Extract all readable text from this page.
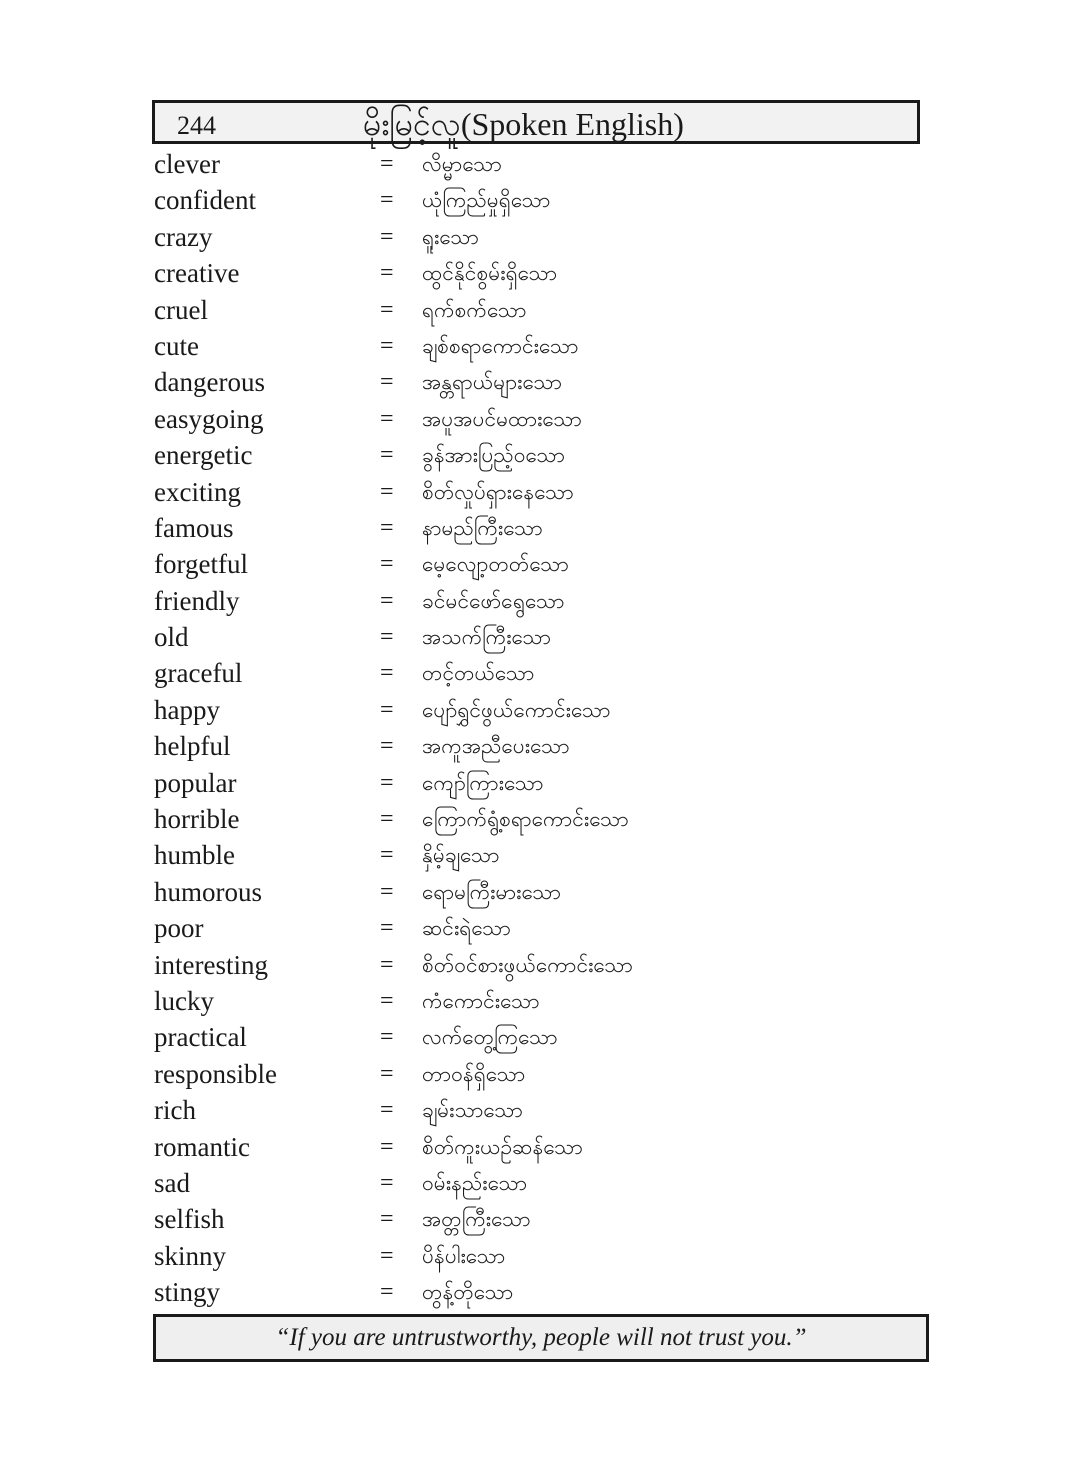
244	မိုးမြင့်လူ(Spoken English)
clever	= လိမ္မာသော
confident	= ယုံကြည်မှုရှိသော
crazy	= ရူးသော
creative	= ထွင်နိုင်စွမ်းရှိသော
cruel	= ရက်စက်သော
cute	= ချစ်စရာကောင်းသော
dangerous	= အန္တရာယ်များသော
easygoing	= အပူအပင်မထားသော
energetic	= ခွန်အားပြည့်ဝသော
exciting	= စိတ်လှုပ်ရှားနေသော
famous	= နာမည်ကြီးသော
forgetful	= မေ့လျော့တတ်သော
friendly	= ခင်မင်ဖော်ရွေသော
old	= အသက်ကြီးသော
graceful	= တင့်တယ်သော
happy	= ပျော်ရွှင်ဖွယ်ကောင်းသော
helpful	= အကူအညီပေးသော
popular	= ကျော်ကြားသော
horrible	= ကြောက်ရွံ့စရာကောင်းသော
humble	= နှိမ့်ချသော
humorous	= ရောမကြီးမားသော
poor	= ဆင်းရဲသော
interesting	= စိတ်ဝင်စားဖွယ်ကောင်းသော
lucky	= ကံကောင်းသော
practical	= လက်တွေ့ကြသော
responsible	= တာဝန်ရှိသော
rich	= ချမ်းသာသော
romantic	= စိတ်ကူးယဉ်ဆန်သော
sad	= ဝမ်းနည်းသော
selfish	= အတ္တကြီးသော
skinny	= ပိန်ပါးသော
stingy	= တွန့်တိုသော
“If you are untrustworthy, people will not trust you.”
